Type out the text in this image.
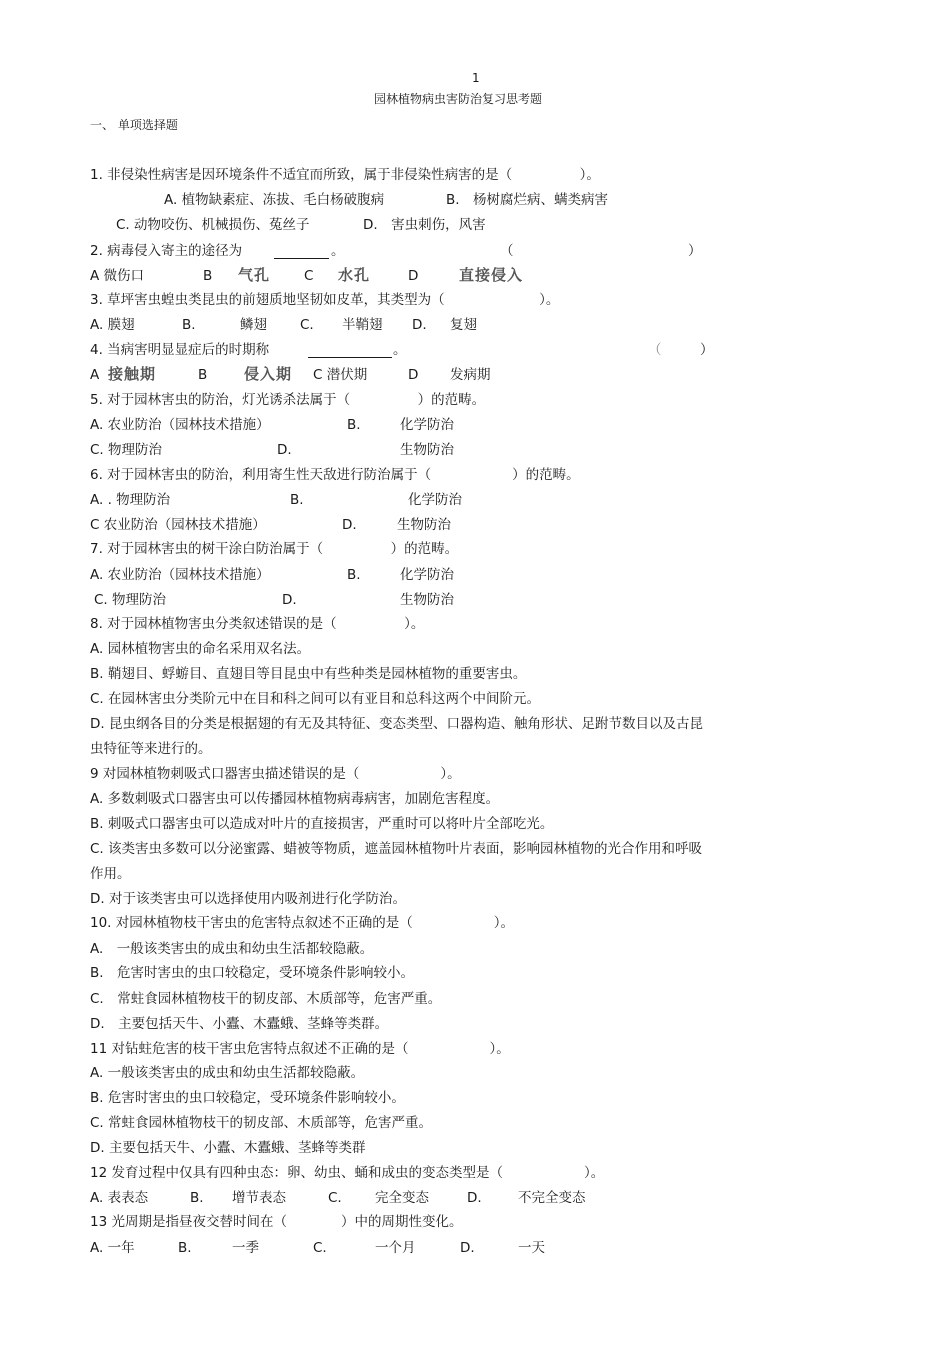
1
园林植物病虫害防治复习思考题
一、 单项选择题
1. 非侵染性病害是因环境条件不适宜而所致，属于非侵染性病害的是（　　　　　）。
A. 植物缺素症、冻拔、毛白杨破腹病	B.　杨树腐烂病、螨类病害
C. 动物咬伤、机械损伤、菟丝子	D.　害虫刺伤，风害
2. 病毒侵入寄主的途径为	。	（	）
A 微伤口	B 气孔	C 水孔	D	直接侵入
3. 草坪害虫蝗虫类昆虫的前翅质地坚韧如皮革，其类型为（　　　　　　　）。
A. 膜翅	B.	鳞翅 C. 半鞘翅 D. 复翅
4. 当病害明显显症后的时期称	。	（	）
A 接触期	B 侵入期 C 潜伏期	D 发病期
5. 对于园林害虫的防治，灯光诱杀法属于（　　　　　）的范畴。
A. 农业防治（园林技术措施）	B.	化学防治
C. 物理防治	D.	生物防治
6. 对于园林害虫的防治，利用寄生性天敌进行防治属于（　　　　　　）的范畴。
A. . 物理防治	B.	化学防治
C 农业防治（园林技术措施）	D.	生物防治
7. 对于园林害虫的树干涂白防治属于（　　　　　）的范畴。
A. 农业防治（园林技术措施）	B.	化学防治
C. 物理防治	D.	生物防治
8. 对于园林植物害虫分类叙述错误的是（　　　　　）。
A. 园林植物害虫的命名采用双名法。
B. 鞘翅目、蜉蝣目、直翅目等目昆虫中有些种类是园林植物的重要害虫。
C. 在园林害虫分类阶元中在目和科之间可以有亚目和总科这两个中间阶元。
D. 昆虫纲各目的分类是根据翅的有无及其特征、变态类型、口器构造、触角形状、足跗节数目以及古昆
虫特征等来进行的。
9 对园林植物刺吸式口器害虫描述错误的是（　　　　　　）。
A. 多数刺吸式口器害虫可以传播园林植物病毒病害，加剧危害程度。
B. 刺吸式口器害虫可以造成对叶片的直接损害，严重时可以将叶片全部吃光。
C. 该类害虫多数可以分泌蜜露、蜡被等物质，遮盖园林植物叶片表面，影响园林植物的光合作用和呼吸
作用。
D. 对于该类害虫可以选择使用内吸剂进行化学防治。
10. 对园林植物枝干害虫的危害特点叙述不正确的是（　　　　　　）。
A.　一般该类害虫的成虫和幼虫生活都较隐蔽。
B.　危害时害虫的虫口较稳定，受环境条件影响较小。
C.　常蛀食园林植物枝干的韧皮部、木质部等，危害严重。
D.　主要包括天牛、小蠹、木蠹蛾、茎蜂等类群。
11 对钻蛀危害的枝干害虫危害特点叙述不正确的是（　　　　　　）。
A. 一般该类害虫的成虫和幼虫生活都较隐蔽。
B. 危害时害虫的虫口较稳定，受环境条件影响较小。
C. 常蛀食园林植物枝干的韧皮部、木质部等，危害严重。
D. 主要包括天牛、小蠹、木蠹蛾、茎蜂等类群
12 发育过程中仅具有四种虫态：卵、幼虫、蛹和成虫的变态类型是（　　　　　　）。
A. 表表态	B. 增节表态	C. 完全变态	D.	不完全变态
13 光周期是指昼夜交替时间在（　　　　）中的周期性变化。
A. 一年	B.	一季	C.	一个月	D.	一天
